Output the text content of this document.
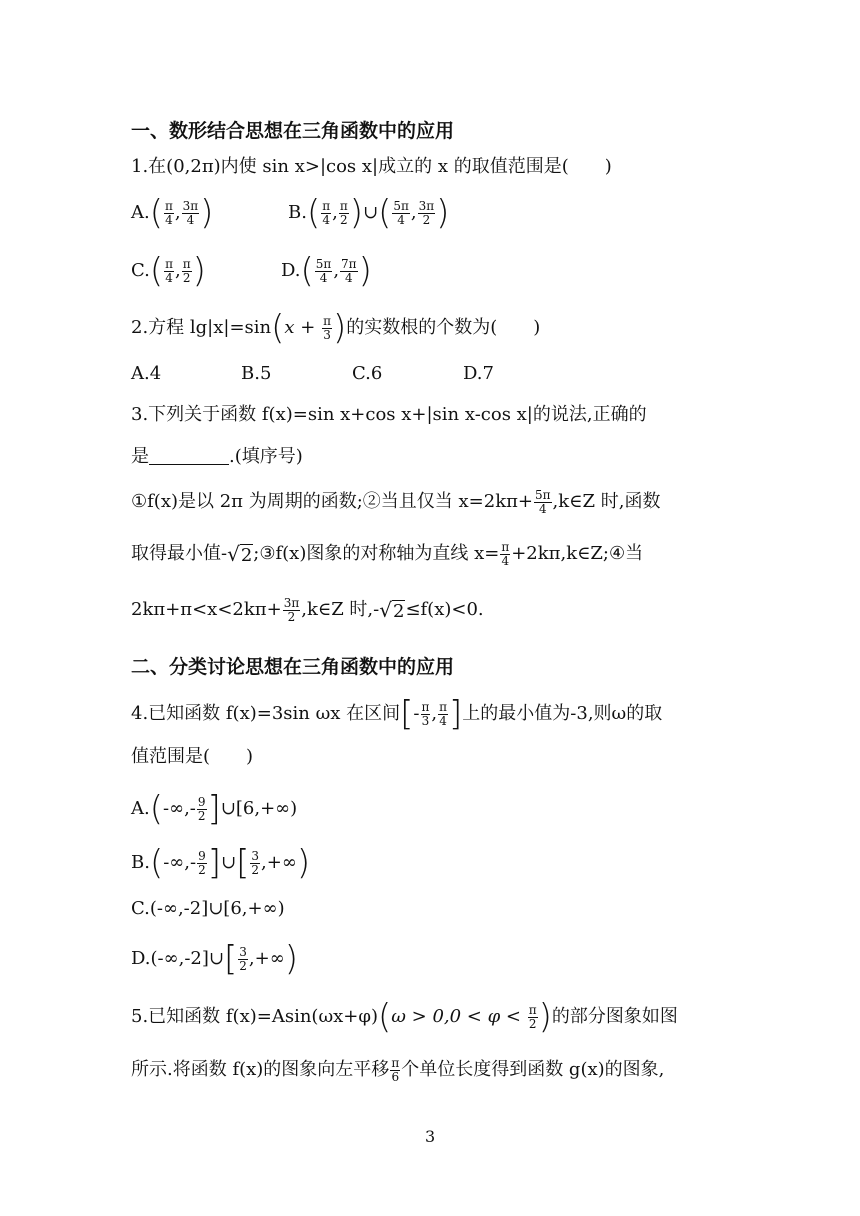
一、数形结合思想在三角函数中的应用
1.在(0,2π)内使 sin x>|cos x|成立的 x 的取值范围是(　　)
$A.( \frac{\pi}{4}$ , $\frac{3\pi}{4}$ )	$B.( \frac{\pi}{4}$ , $\frac{\pi}{2}$ )∪( $\frac{5\pi}{4}$ , $\frac{3\pi}{2}$ )
$C.( \frac{\pi}{4}$ , $\frac{\pi}{2}$ )	$D.( \frac{5\pi}{4}$ , $\frac{7\pi}{4}$ )
2.方程 $\lg|x|=\sin(x + \frac{\pi}{3}$ )的实数根的个数为(　　)
A.4	B.5	C.6	D.7
3.下列关于函数 f(x)=sin x+cos x+|sin x-cos x|的说法,正确的
是	.(填序号)
①f(x)是以 2π 为周期的函数;②当且仅当 $x=2k\pi+ \frac{5\pi}{4}$ ,k∈Z 时,函数
取得最小值-√2;③f(x)图象的对称轴为直线 $x= \frac{\pi}{4}$ +2kπ,k∈Z;④当
$2k\pi+\pi<x<2k\pi+ \frac{3\pi}{2}$ ,k∈Z 时,-√2≤f(x)<0.
二、分类讨论思想在三角函数中的应用
4.已知函数 f(x)=3sin ωx 在区间[- $\frac{\pi}{3}$ , $\frac{\pi}{4}$ ]上的最小值为-3,则ω的取
值范围是(　　)
$A.(-\infty,- \frac{9}{2}$ ]∪[6,+∞)
$B.(-\infty,- \frac{9}{2}$ ]∪[ $\frac{3}{2}$ ,+∞)
C.(-∞,-2]∪[6,+∞)
D.(-∞,-2]∪[ $\frac{3}{2}$ ,+∞)
5.已知函数 $f(x)=Asin(\omega x+\varphi)(\omega > 0,0 < \varphi < \frac{\pi}{2}$ )的部分图象如图
所示.将函数 f(x)的图象向左平移 $\frac{\pi}{6}$ 个单位长度得到函数 g(x)的图象,
3
